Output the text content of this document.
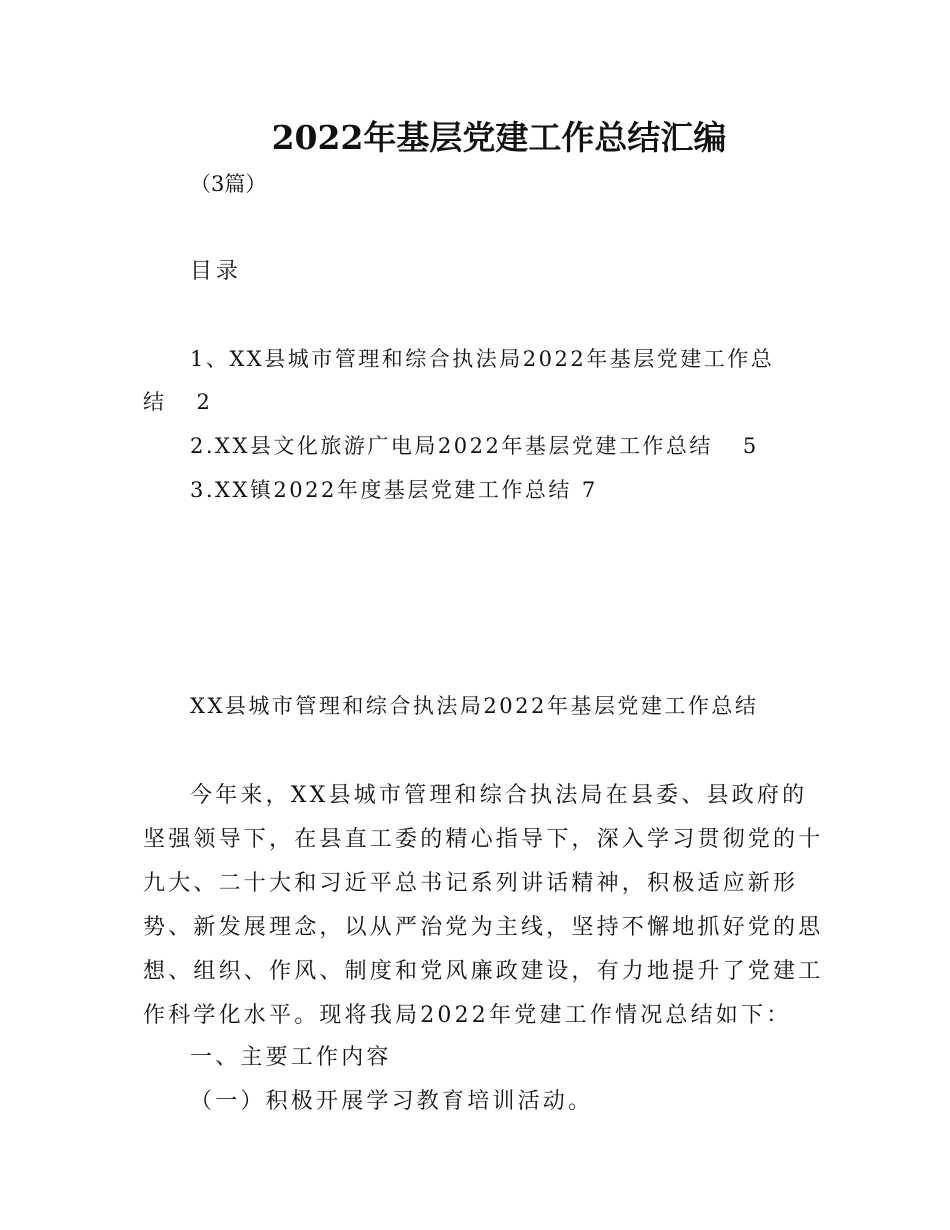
2022年基层党建工作总结汇编

（3篇）

目录

1、XX县城市管理和综合执法局2022年基层党建工作总

结 2

2.XX县文化旅游广电局2022年基层党建工作总结 5

3.XX镇2022年度基层党建工作总结 7

XX县城市管理和综合执法局2022年基层党建工作总结

今年来，XX县城市管理和综合执法局在县委、县政府的

坚强领导下，在县直工委的精心指导下，深入学习贯彻党的十

九大、二十大和习近平总书记系列讲话精神，积极适应新形

势、新发展理念，以从严治党为主线，坚持不懈地抓好党的思

想、组织、作风、制度和党风廉政建设，有力地提升了党建工

作科学化水平。现将我局2022年党建工作情况总结如下：

一、主要工作内容

（一）积极开展学习教育培训活动。
